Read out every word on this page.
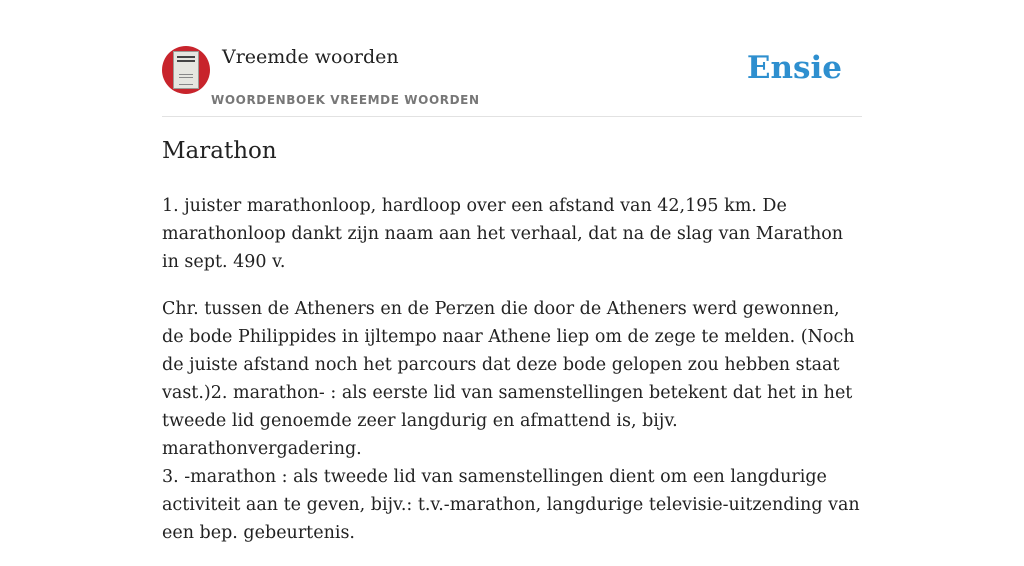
Vreemde woorden
WOORDENBOEK VREEMDE WOORDEN
Ensie
Marathon

1. juister marathonloop, hardloop over een afstand van 42,195 km. De marathonloop dankt zijn naam aan het verhaal, dat na de slag van Marathon in sept. 490 v.

Chr. tussen de Atheners en de Perzen die door de Atheners werd gewonnen, de bode Philippides in ijltempo naar Athene liep om de zege te melden. (Noch de juiste afstand noch het parcours dat deze bode gelopen zou hebben staat vast.)2. marathon- : als eerste lid van samenstellingen betekent dat het in het tweede lid genoemde zeer langdurig en afmattend is, bijv. marathonvergadering.
3. -marathon : als tweede lid van samenstellingen dient om een langdurige activiteit aan te geven, bijv.: t.v.-marathon, langdurige televisie-uitzending van een bep. gebeurtenis.
